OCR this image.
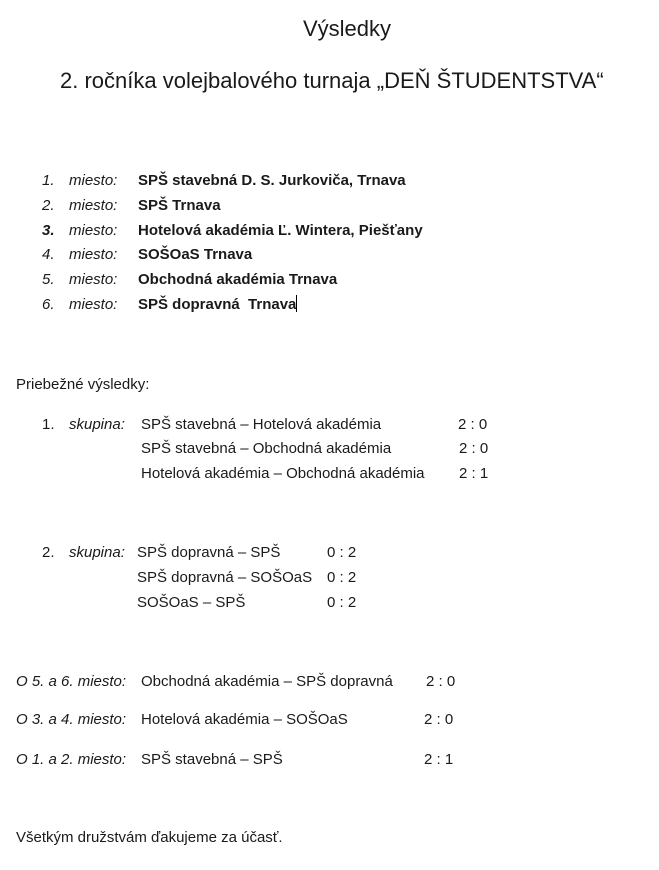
Výsledky
2. ročníka volejbalového turnaja „DEŇ ŠTUDENTSTVA“
1. miesto: SPŠ stavebná D. S. Jurkoviča, Trnava
2. miesto: SPŠ Trnava
3. miesto: Hotelová akadémia Ľ. Wintera, Piešťany
4. miesto: SOŠOaS Trnava
5. miesto: Obchodná akadémia Trnava
6. miesto: SPŠ dopravná  Trnava
Priebežné výsledky:
1. skupina: SPŠ stavebná – Hotelová akadémia	2 : 0
SPŠ stavebná – Obchodná akadémia	2 : 0
Hotelová akadémia – Obchodná akadémia 2 : 1
2. skupina: SPŠ dopravná – SPŠ	0 : 2
SPŠ dopravná – SOŠOaS 0 : 2
SOŠOaS – SPŠ	0 : 2
O 5. a 6. miesto: Obchodná akadémia – SPŠ dopravná 2 : 0
O 3. a 4. miesto: Hotelová akadémia – SOŠOaS	2 : 0
O 1. a 2. miesto: SPŠ stavebná – SPŠ	2 : 1
Všetkým družstvám ďakujeme za účasť.
